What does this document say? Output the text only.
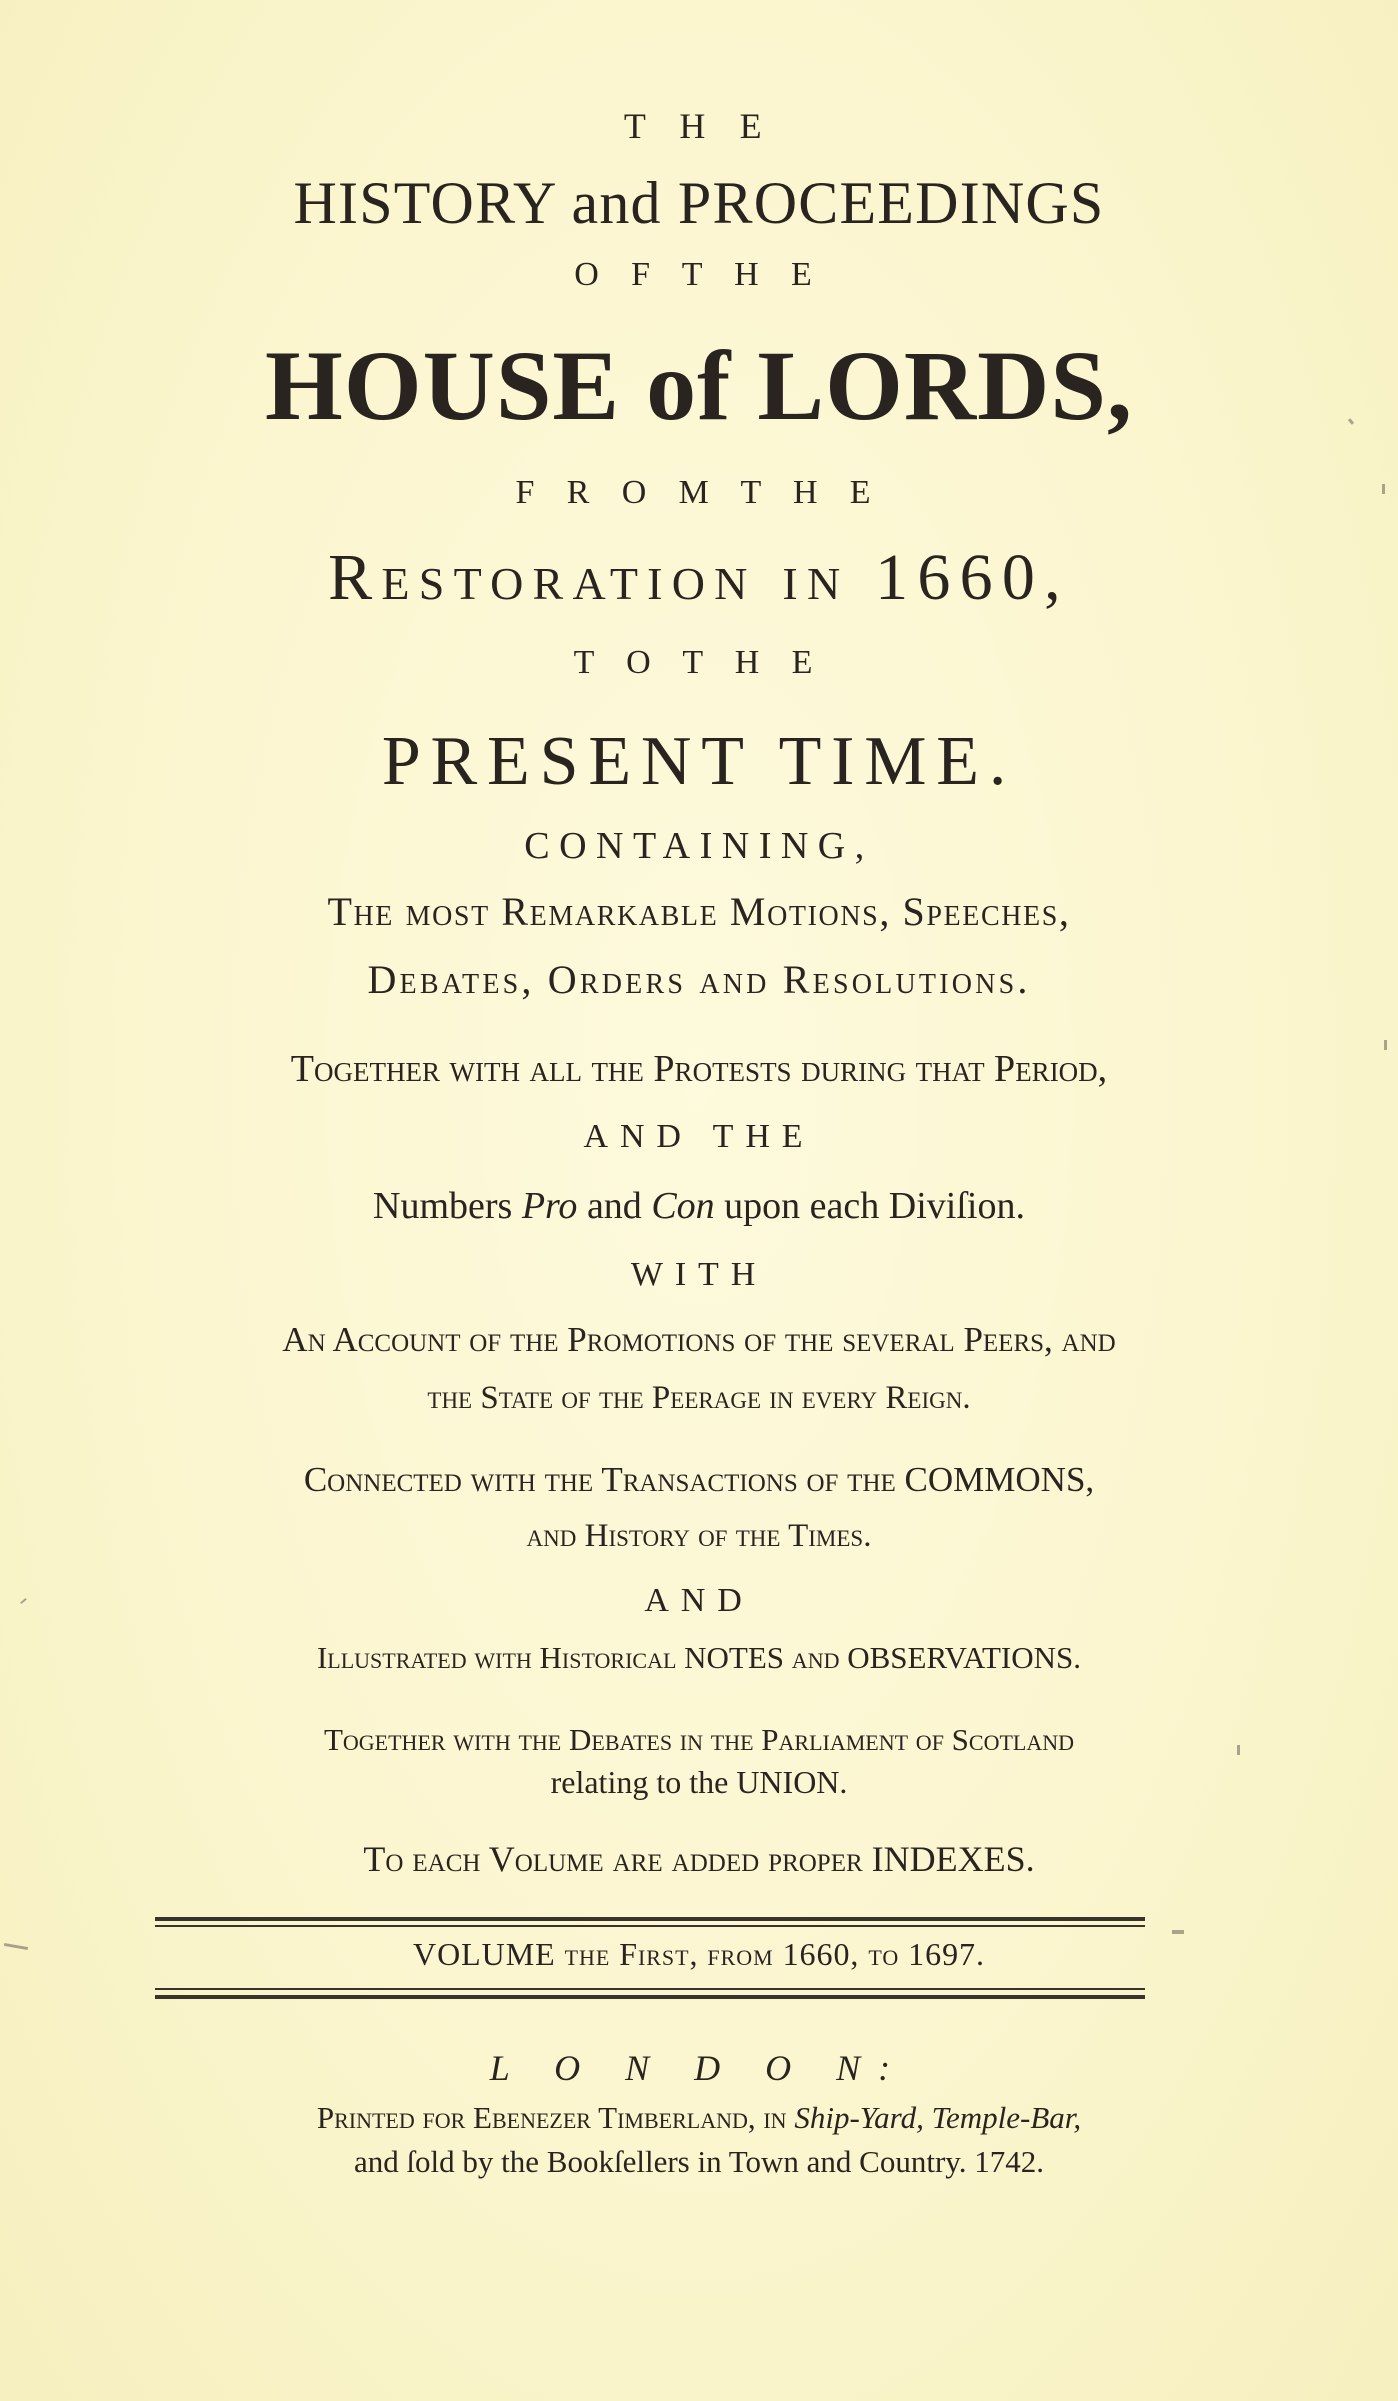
T H E
HISTORY and PROCEEDINGS
O F T H E
HOUSE of LORDS,
F R O M T H E
Restoration in 1660,
T O T H E
PRESENT TIME.
CONTAINING,
The moſt Remarkable Motions, Speeches,
Debates, Orders and Resolutions.
Together with all the Protests during that Period,
AND THE
Numbers Pro and Con upon each Diviſion.
WITH
An Account of the Promotions of the ſeveral Peers, and
the State of the Peerage in every Reign.
Connected with the Tranſactions of the COMMONS,
and History of the Times.
AND
Illuſtrated with Historical NOTES and OBSERVATIONS.
Together with the Debates in the Parliament of Scotland
relating to the UNION.
To each Volume are added proper INDEXES.
VOLUME the First, from 1660, to 1697.
L O N D O N:
Printed for Ebenezer Timberland, in Ship-Yard, Temple-Bar,
and ſold by the Bookſellers in Town and Country. 1742.
